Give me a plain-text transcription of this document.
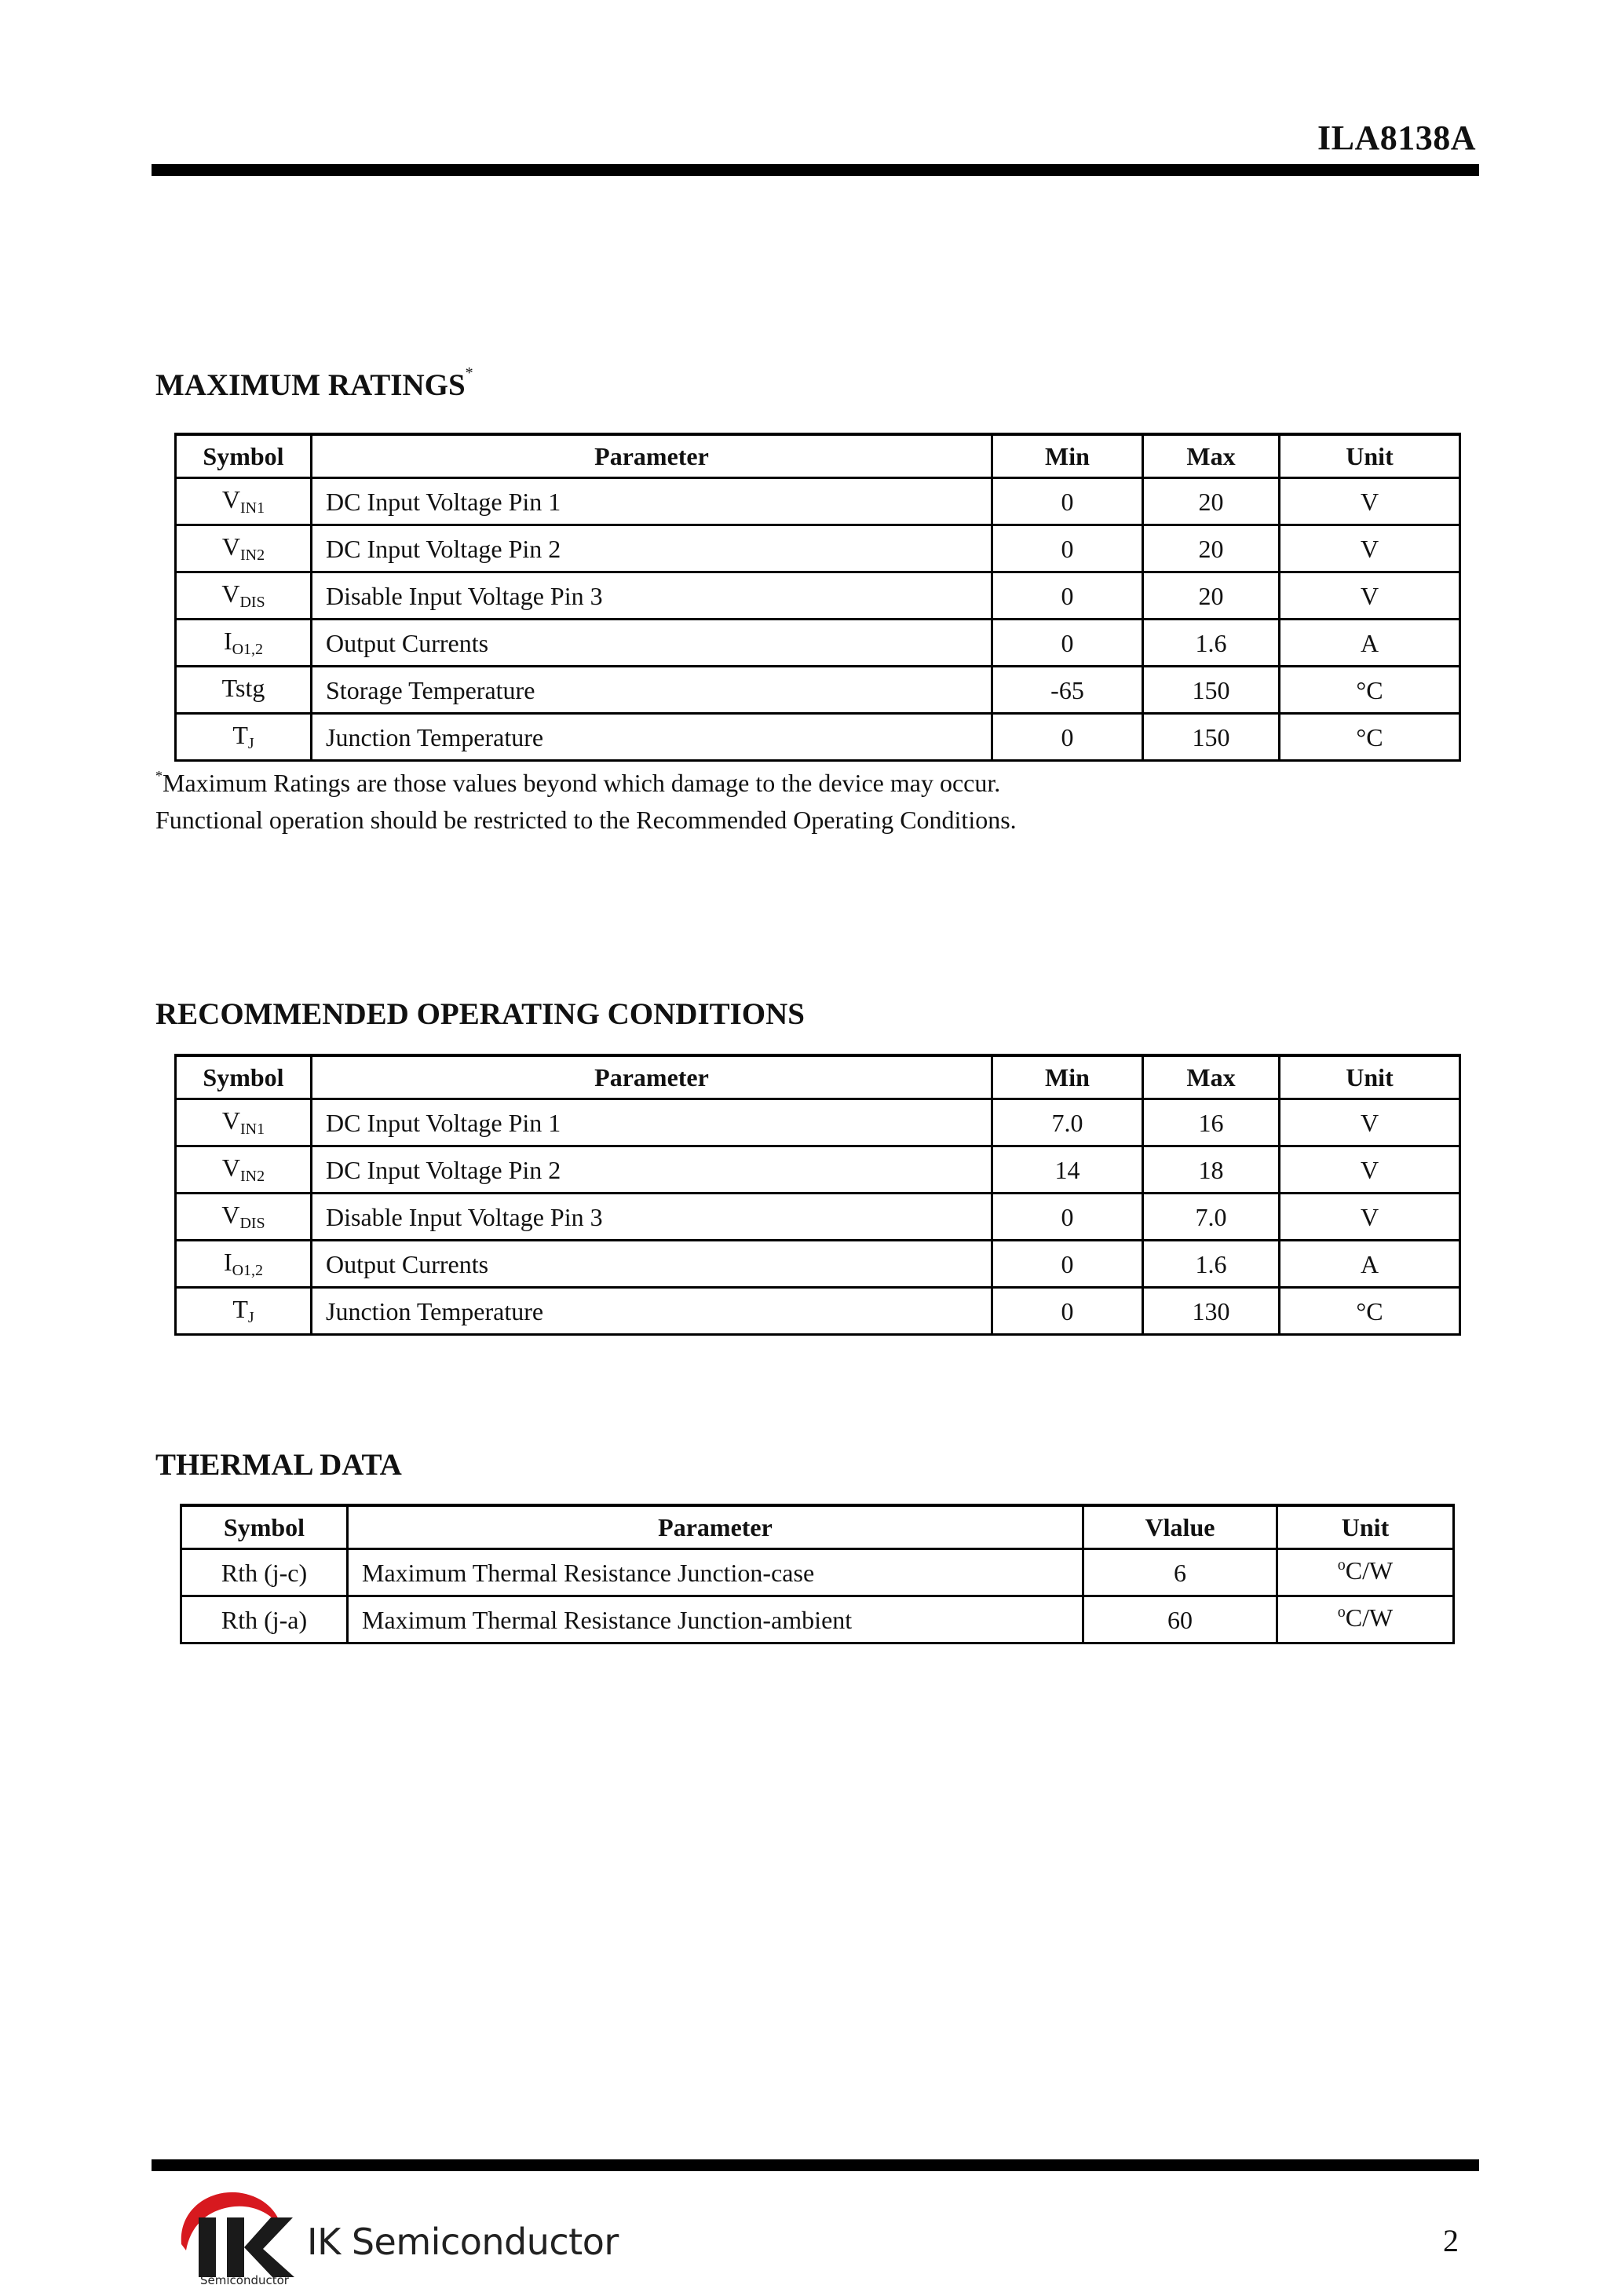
ILA8138A
MAXIMUM RATINGS*
Symbol	Parameter	Min	Max	Unit
$V_{IN1}$	DC Input Voltage Pin 1	0	20	V
$V_{IN2}$	DC Input Voltage Pin 2	0	20	V
$V_{DIS}$	Disable Input Voltage Pin 3	0	20	V
$I_{O1,2}$	Output Currents	0	1.6	A
Tstg	Storage Temperature	-65	150	°C
$T_J$	Junction Temperature	0	150	°C
*Maximum Ratings are those values beyond which damage to the device may occur.
Functional operation should be restricted to the Recommended Operating Conditions.
RECOMMENDED OPERATING CONDITIONS
Symbol	Parameter	Min	Max	Unit
$V_{IN1}$	DC Input Voltage Pin 1	7.0	16	V
$V_{IN2}$	DC Input Voltage Pin 2	14	18	V
$V_{DIS}$	Disable Input Voltage Pin 3	0	7.0	V
$I_{O1,2}$	Output Currents	0	1.6	A
$T_J$	Junction Temperature	0	130	°C
THERMAL DATA
Symbol	Parameter	Vlalue	Unit
Rth (j-c)	Maximum Thermal Resistance Junction-case	6	$^o$C/W
Rth (j-a)	Maximum Thermal Resistance Junction-ambient	60	$^o$C/W
IK Semiconductor
Semiconductor
2
